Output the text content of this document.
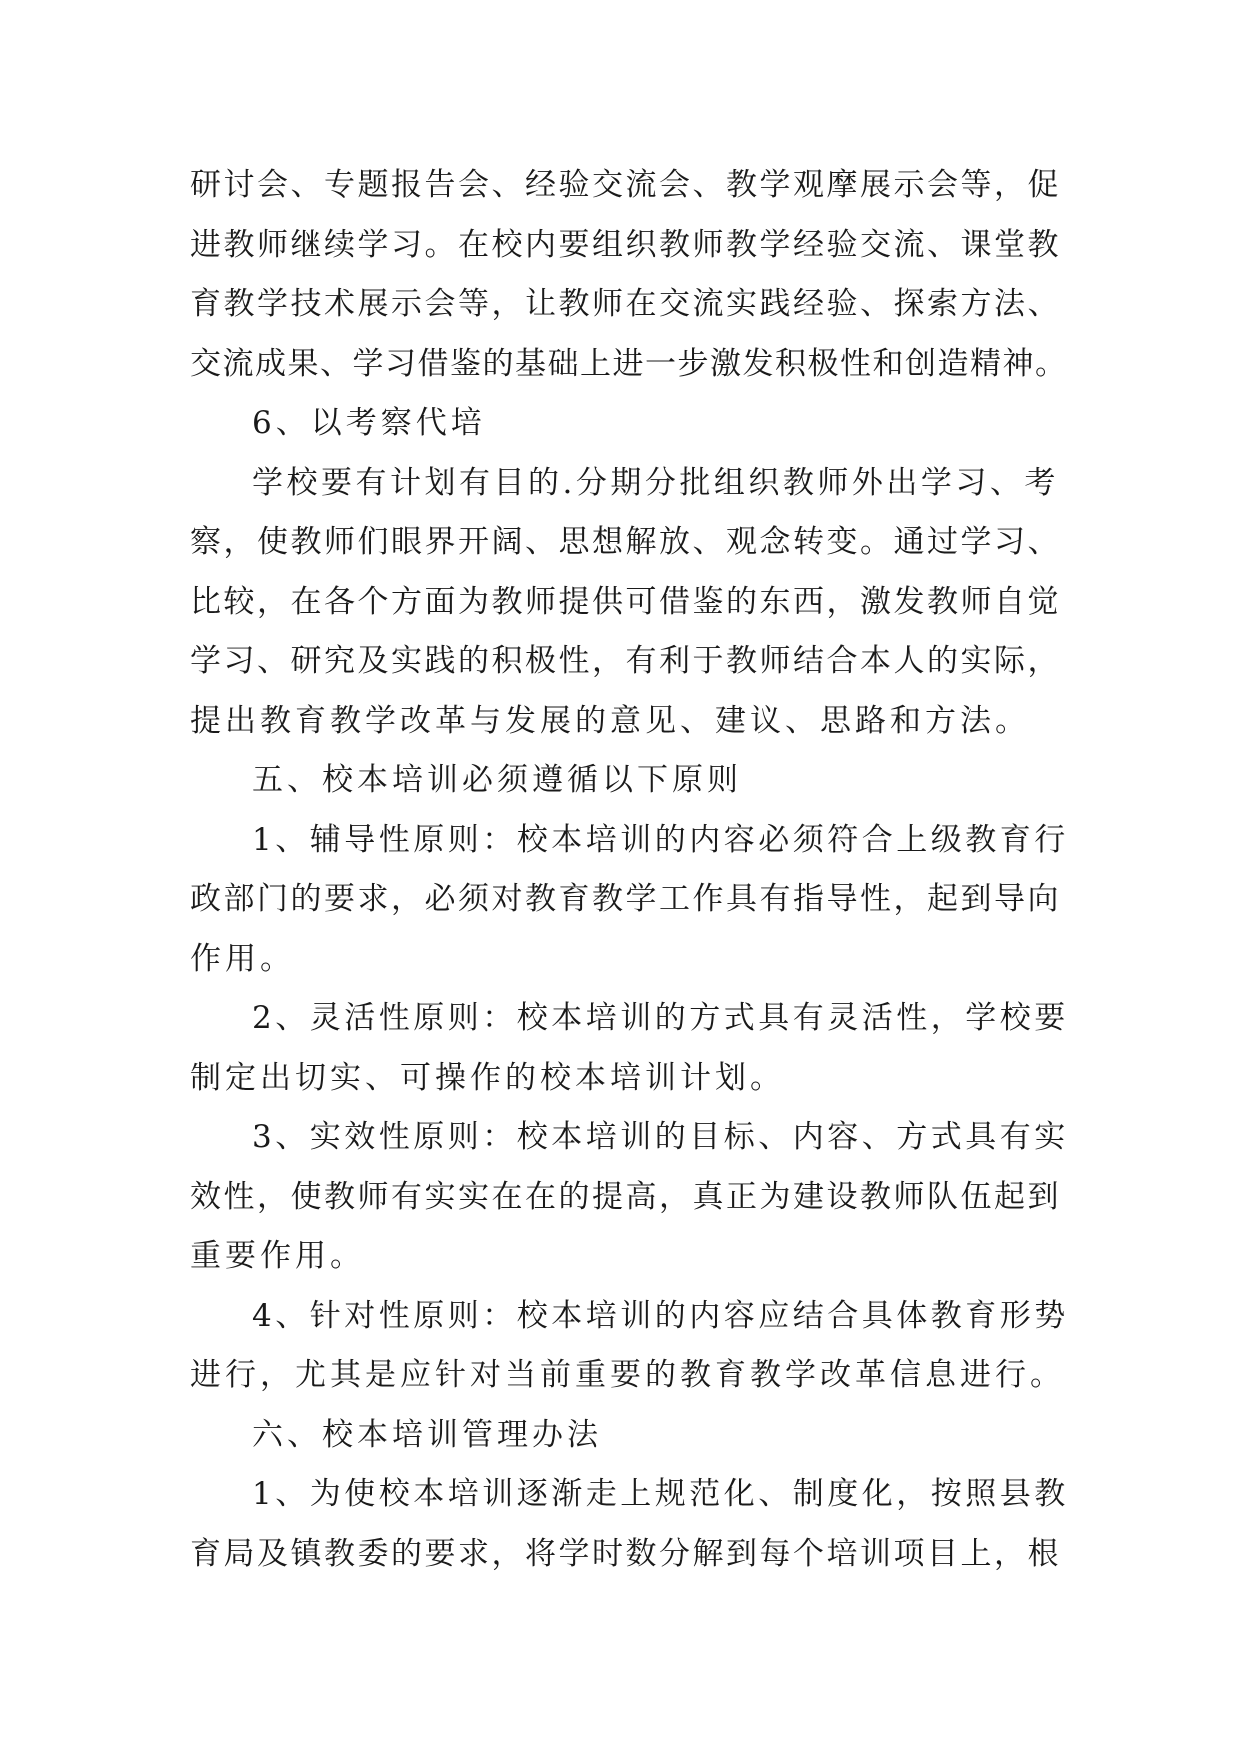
研讨会、专题报告会、经验交流会、教学观摩展示会等，促
进教师继续学习。在校内要组织教师教学经验交流、课堂教
育教学技术展示会等，让教师在交流实践经验、探索方法、
交流成果、学习借鉴的基础上进一步激发积极性和创造精神。
6、以考察代培
学校要有计划有目的.分期分批组织教师外出学习、考
察，使教师们眼界开阔、思想解放、观念转变。通过学习、
比较，在各个方面为教师提供可借鉴的东西，激发教师自觉
学习、研究及实践的积极性，有利于教师结合本人的实际，
提出教育教学改革与发展的意见、建议、思路和方法。
五、校本培训必须遵循以下原则
1、辅导性原则：校本培训的内容必须符合上级教育行
政部门的要求，必须对教育教学工作具有指导性，起到导向
作用。
2、灵活性原则：校本培训的方式具有灵活性，学校要
制定出切实、可操作的校本培训计划。
3、实效性原则：校本培训的目标、内容、方式具有实
效性，使教师有实实在在的提高，真正为建设教师队伍起到
重要作用。
4、针对性原则：校本培训的内容应结合具体教育形势
进行，尤其是应针对当前重要的教育教学改革信息进行。
六、校本培训管理办法
1、为使校本培训逐渐走上规范化、制度化，按照县教
育局及镇教委的要求，将学时数分解到每个培训项目上，根
